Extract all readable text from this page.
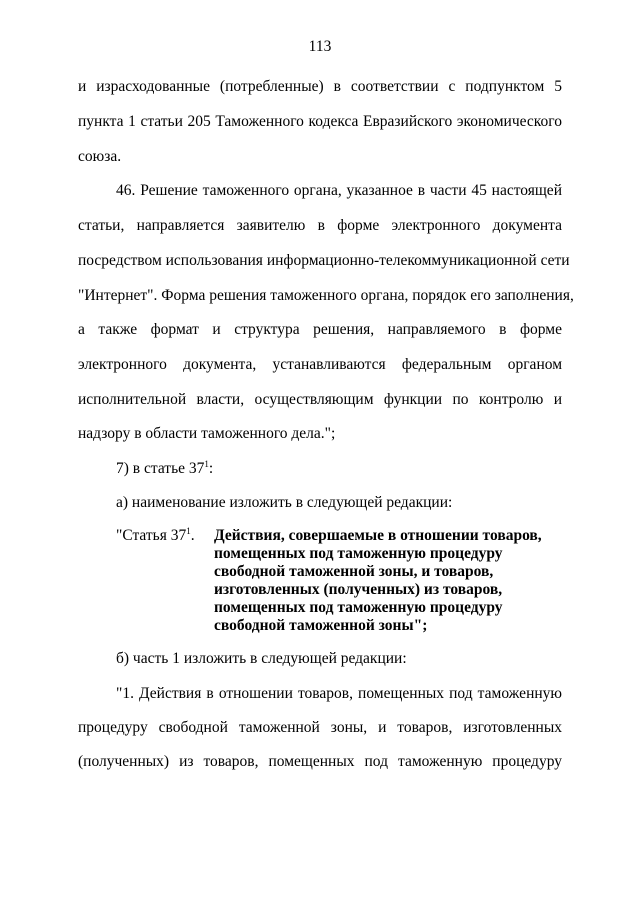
113
и израсходованные (потребленные) в соответствии с подпунктом 5
пункта 1 статьи 205 Таможенного кодекса Евразийского экономического
союза.
46. Решение таможенного органа, указанное в части 45 настоящей
статьи, направляется заявителю в форме электронного документа
посредством использования информационно-телекоммуникационной сети
"Интернет". Форма решения таможенного органа, порядок его заполнения,
а также формат и структура решения, направляемого в форме
электронного документа, устанавливаются федеральным органом
исполнительной власти, осуществляющим функции по контролю и
надзору в области таможенного дела.";
7) в статье $37^1$:
а) наименование изложить в следующей редакции:
"Статья $37^1$. Действия, совершаемые в отношении товаров,
помещенных под таможенную процедуру
свободной таможенной зоны, и товаров,
изготовленных (полученных) из товаров,
помещенных под таможенную процедуру
свободной таможенной зоны";
б) часть 1 изложить в следующей редакции:
"1. Действия в отношении товаров, помещенных под таможенную
процедуру свободной таможенной зоны, и товаров, изготовленных
(полученных) из товаров, помещенных под таможенную процедуру
